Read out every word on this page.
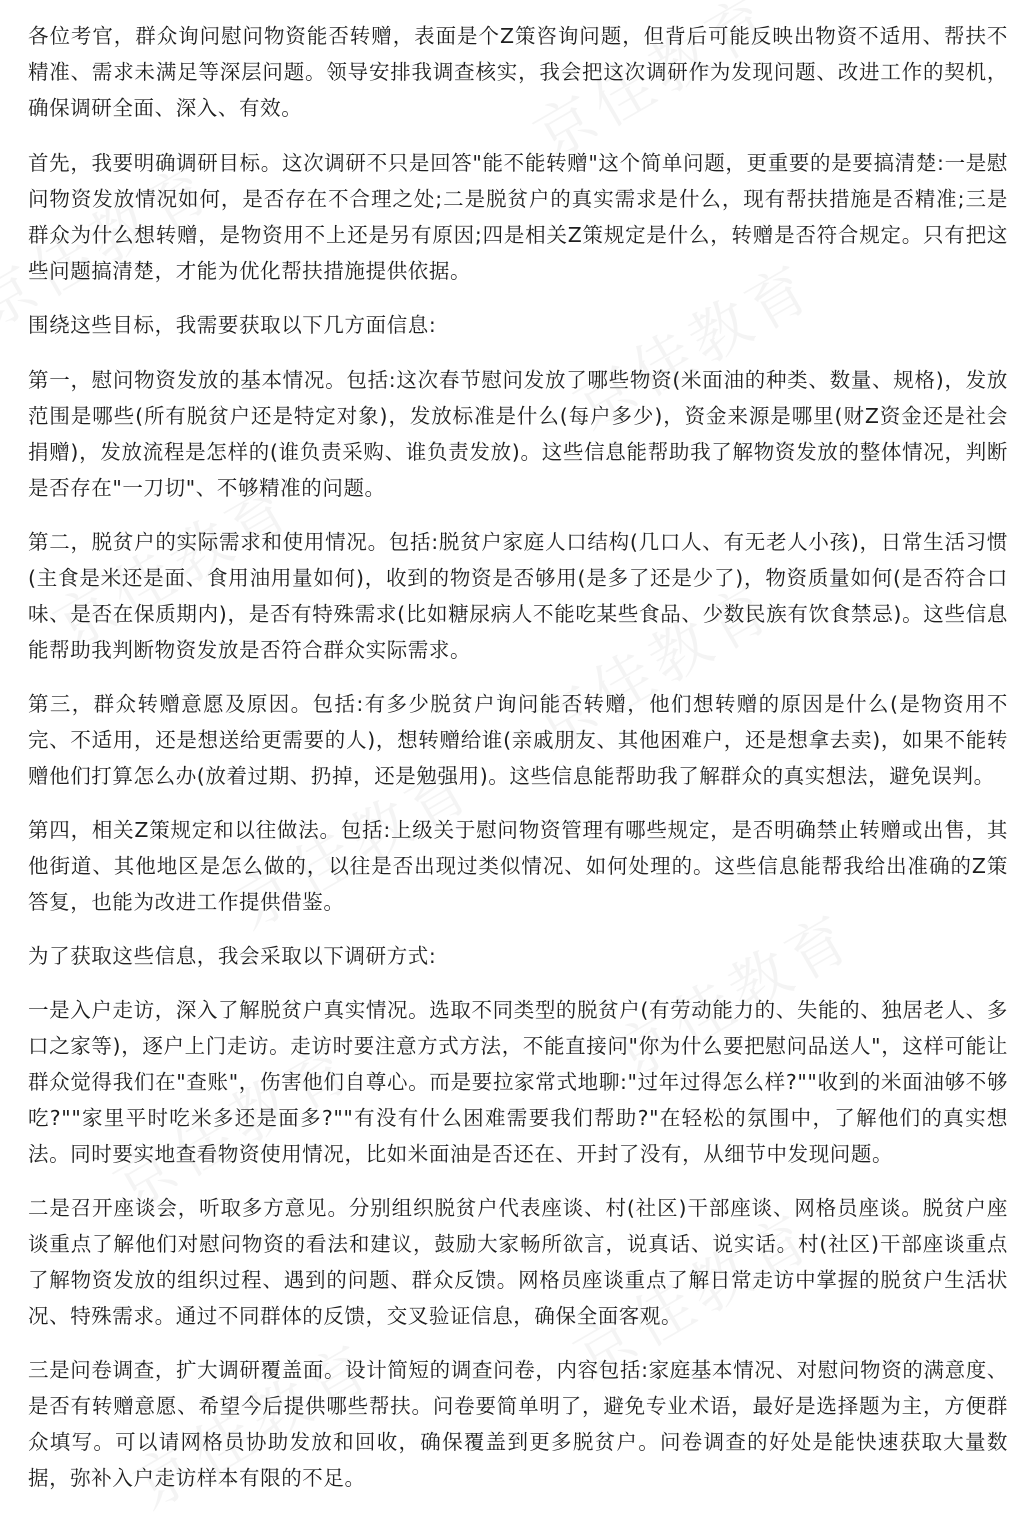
各位考官，群众询问慰问物资能否转赠，表面是个Z策咨询问题，但背后可能反映出物资不适用、帮扶不精准、需求未满足等深层问题。领导安排我调查核实，我会把这次调研作为发现问题、改进工作的契机，确保调研全面、深入、有效。

首先，我要明确调研目标。这次调研不只是回答"能不能转赠"这个简单问题，更重要的是要搞清楚:一是慰问物资发放情况如何，是否存在不合理之处;二是脱贫户的真实需求是什么，现有帮扶措施是否精准;三是群众为什么想转赠，是物资用不上还是另有原因;四是相关Z策规定是什么，转赠是否符合规定。只有把这些问题搞清楚，才能为优化帮扶措施提供依据。

围绕这些目标，我需要获取以下几方面信息:

第一，慰问物资发放的基本情况。包括:这次春节慰问发放了哪些物资(米面油的种类、数量、规格)，发放范围是哪些(所有脱贫户还是特定对象)，发放标准是什么(每户多少)，资金来源是哪里(财Z资金还是社会捐赠)，发放流程是怎样的(谁负责采购、谁负责发放)。这些信息能帮助我了解物资发放的整体情况，判断是否存在"一刀切"、不够精准的问题。

第二，脱贫户的实际需求和使用情况。包括:脱贫户家庭人口结构(几口人、有无老人小孩)，日常生活习惯(主食是米还是面、食用油用量如何)，收到的物资是否够用(是多了还是少了)，物资质量如何(是否符合口味、是否在保质期内)，是否有特殊需求(比如糖尿病人不能吃某些食品、少数民族有饮食禁忌)。这些信息能帮助我判断物资发放是否符合群众实际需求。

第三，群众转赠意愿及原因。包括:有多少脱贫户询问能否转赠，他们想转赠的原因是什么(是物资用不完、不适用，还是想送给更需要的人)，想转赠给谁(亲戚朋友、其他困难户，还是想拿去卖)，如果不能转赠他们打算怎么办(放着过期、扔掉，还是勉强用)。这些信息能帮助我了解群众的真实想法，避免误判。

第四，相关Z策规定和以往做法。包括:上级关于慰问物资管理有哪些规定，是否明确禁止转赠或出售，其他街道、其他地区是怎么做的，以往是否出现过类似情况、如何处理的。这些信息能帮我给出准确的Z策答复，也能为改进工作提供借鉴。

为了获取这些信息，我会采取以下调研方式:

一是入户走访，深入了解脱贫户真实情况。选取不同类型的脱贫户(有劳动能力的、失能的、独居老人、多口之家等)，逐户上门走访。走访时要注意方式方法，不能直接问"你为什么要把慰问品送人"，这样可能让群众觉得我们在"查账"，伤害他们自尊心。而是要拉家常式地聊:"过年过得怎么样?""收到的米面油够不够吃?""家里平时吃米多还是面多?""有没有什么困难需要我们帮助?"在轻松的氛围中，了解他们的真实想法。同时要实地查看物资使用情况，比如米面油是否还在、开封了没有，从细节中发现问题。

二是召开座谈会，听取多方意见。分别组织脱贫户代表座谈、村(社区)干部座谈、网格员座谈。脱贫户座谈重点了解他们对慰问物资的看法和建议，鼓励大家畅所欲言，说真话、说实话。村(社区)干部座谈重点了解物资发放的组织过程、遇到的问题、群众反馈。网格员座谈重点了解日常走访中掌握的脱贫户生活状况、特殊需求。通过不同群体的反馈，交叉验证信息，确保全面客观。

三是问卷调查，扩大调研覆盖面。设计简短的调查问卷，内容包括:家庭基本情况、对慰问物资的满意度、是否有转赠意愿、希望今后提供哪些帮扶。问卷要简单明了，避免专业术语，最好是选择题为主，方便群众填写。可以请网格员协助发放和回收，确保覆盖到更多脱贫户。问卷调查的好处是能快速获取大量数据，弥补入户走访样本有限的不足。
